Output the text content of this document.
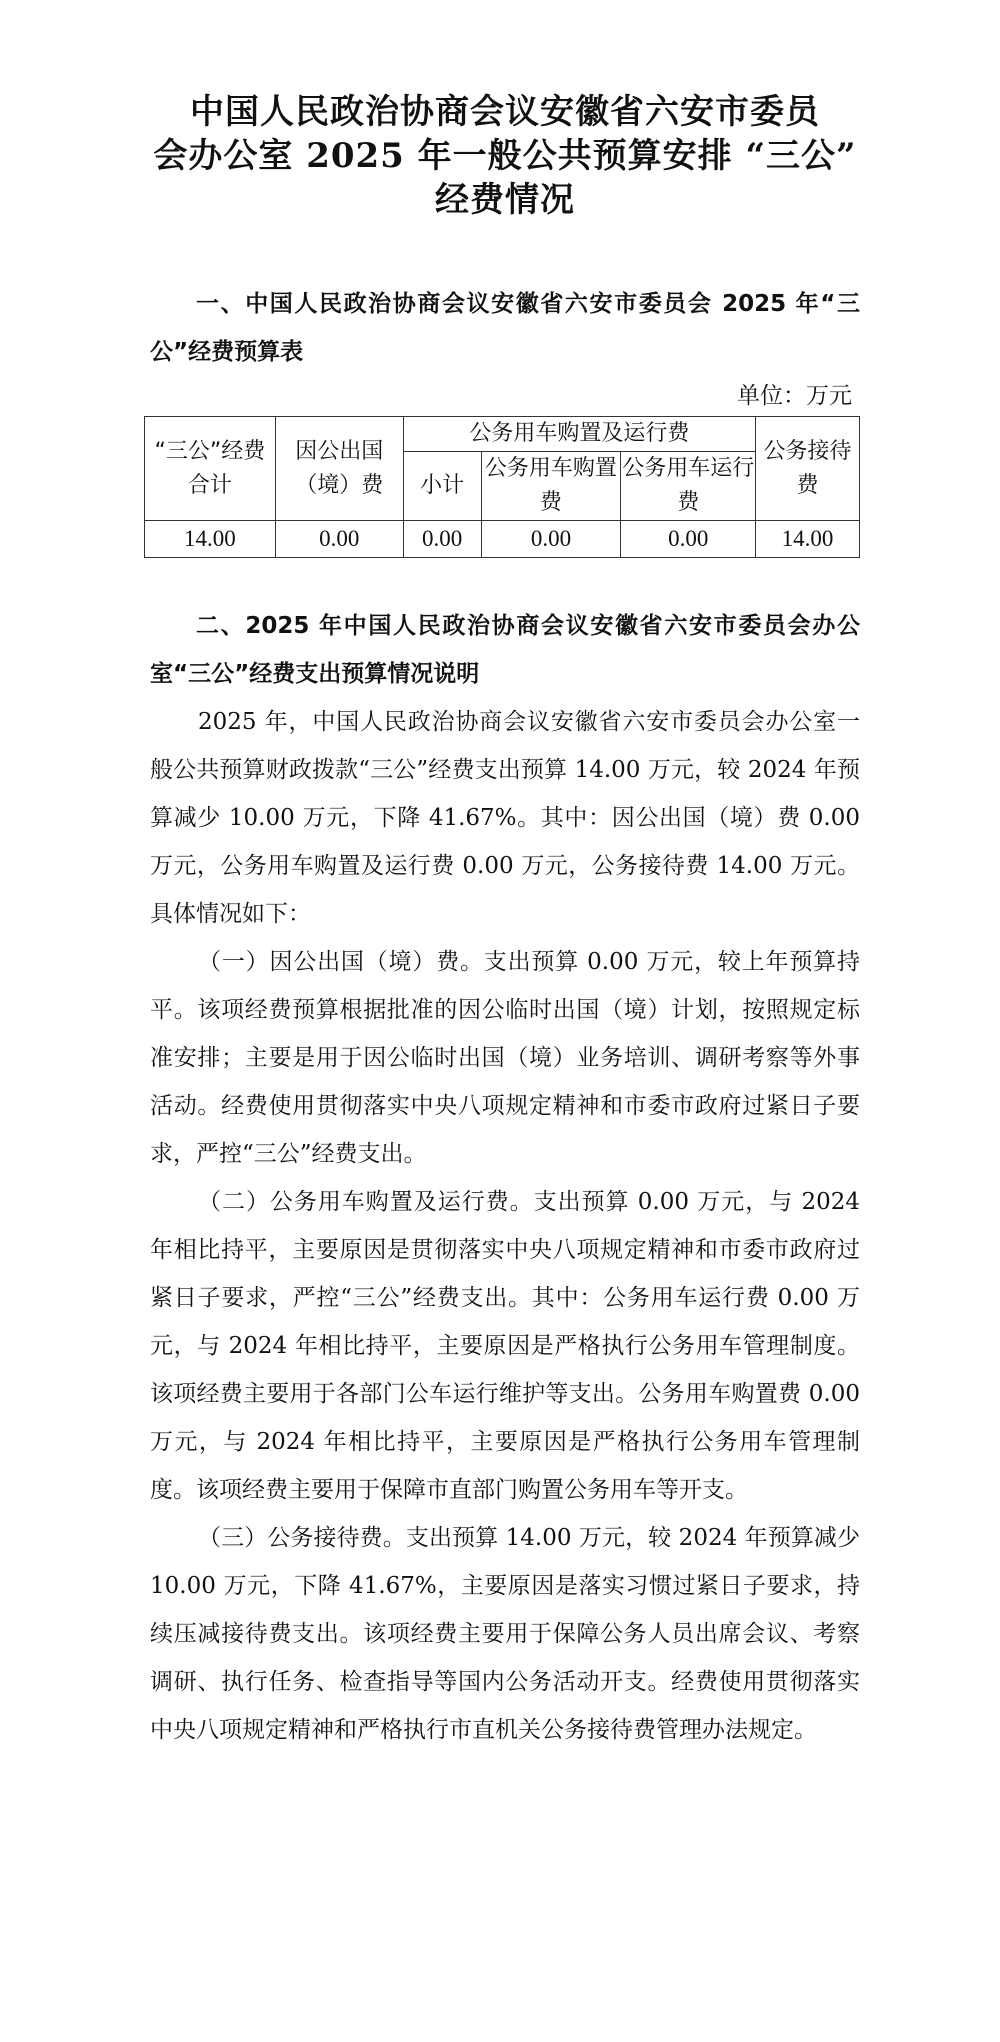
中国人民政治协商会议安徽省六安市委员
会办公室 2025 年一般公共预算安排 “三公”
经费情况

一、中国人民政治协商会议安徽省六安市委员会 2025 年“三公”经费预算表

单位：万元

“三公”经费合计	因公出国（境）费	公务用车购置及运行费			公务接待费
		小计	公务用车购置费	公务用车运行费	
14.00	0.00	0.00	0.00	0.00	14.00

二、2025 年中国人民政治协商会议安徽省六安市委员会办公室“三公”经费支出预算情况说明

2025 年，中国人民政治协商会议安徽省六安市委员会办公室一般公共预算财政拨款“三公”经费支出预算 14.00 万元，较 2024 年预算减少 10.00 万元，下降 41.67%。其中：因公出国（境）费 0.00 万元，公务用车购置及运行费 0.00 万元，公务接待费 14.00 万元。具体情况如下：

（一）因公出国（境）费。支出预算 0.00 万元，较上年预算持平。该项经费预算根据批准的因公临时出国（境）计划，按照规定标准安排；主要是用于因公临时出国（境）业务培训、调研考察等外事活动。经费使用贯彻落实中央八项规定精神和市委市政府过紧日子要求，严控“三公”经费支出。

（二）公务用车购置及运行费。支出预算 0.00 万元，与 2024 年相比持平，主要原因是贯彻落实中央八项规定精神和市委市政府过紧日子要求，严控“三公”经费支出。其中：公务用车运行费 0.00 万元，与 2024 年相比持平，主要原因是严格执行公务用车管理制度。该项经费主要用于各部门公车运行维护等支出。公务用车购置费 0.00 万元，与 2024 年相比持平，主要原因是严格执行公务用车管理制度。该项经费主要用于保障市直部门购置公务用车等开支。

（三）公务接待费。支出预算 14.00 万元，较 2024 年预算减少 10.00 万元，下降 41.67%，主要原因是落实习惯过紧日子要求，持续压减接待费支出。该项经费主要用于保障公务人员出席会议、考察调研、执行任务、检查指导等国内公务活动开支。经费使用贯彻落实中央八项规定精神和严格执行市直机关公务接待费管理办法规定。
